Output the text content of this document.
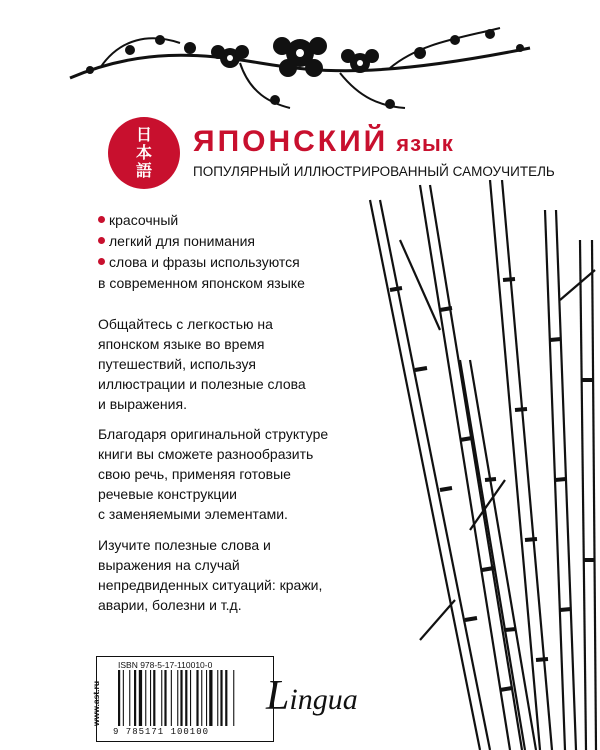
日
本
語
ЯПОНСКИЙ язык
ПОПУЛЯРНЫЙ ИЛЛЮСТРИРОВАННЫЙ САМОУЧИТЕЛЬ
красочный
легкий для понимания
слова и фразы используются
в современном японском языке
Общайтесь с легкостью на
японском языке во время
путешествий, используя
иллюстрации и полезные слова
и выражения.
Благодаря оригинальной структуре
книги вы сможете разнообразить
свою речь, применяя готовые
речевые конструкции
с заменяемыми элементами.
Изучите полезные слова и
выражения на случай
непредвиденных ситуаций: кражи,
аварии, болезни и т.д.
www.ast.ru
ISBN 978-5-17-110010-0
9 785171 100100
Lingua
